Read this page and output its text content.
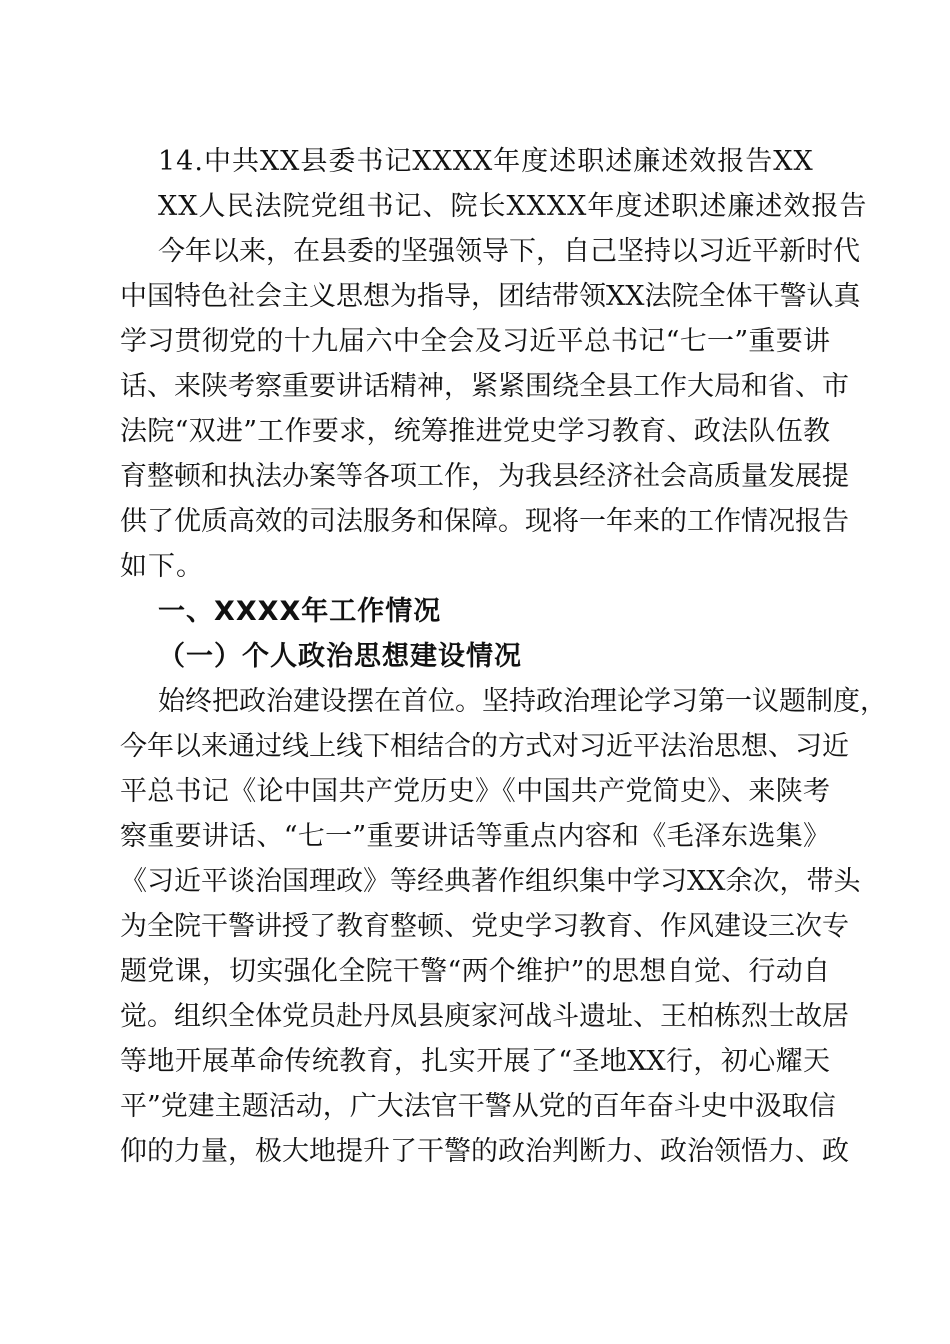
14.中共XX县委书记XXXX年度述职述廉述效报告XX
XX人民法院党组书记、院长XXXX年度述职述廉述效报告
今年以来，在县委的坚强领导下，自己坚持以习近平新时代
中国特色社会主义思想为指导，团结带领XX法院全体干警认真
学习贯彻党的十九届六中全会及习近平总书记“七一”重要讲
话、来陕考察重要讲话精神，紧紧围绕全县工作大局和省、市
法院“双进”工作要求，统筹推进党史学习教育、政法队伍教
育整顿和执法办案等各项工作，为我县经济社会高质量发展提
供了优质高效的司法服务和保障。现将一年来的工作情况报告
如下。
一、XXXX年工作情况
（一）个人政治思想建设情况
始终把政治建设摆在首位。坚持政治理论学习第一议题制度，
今年以来通过线上线下相结合的方式对习近平法治思想、习近
平总书记《论中国共产党历史》《中国共产党简史》、来陕考
察重要讲话、“七一”重要讲话等重点内容和《毛泽东选集》
《习近平谈治国理政》等经典著作组织集中学习XX余次，带头
为全院干警讲授了教育整顿、党史学习教育、作风建设三次专
题党课，切实强化全院干警“两个维护”的思想自觉、行动自
觉。组织全体党员赴丹凤县庾家河战斗遗址、王柏栋烈士故居
等地开展革命传统教育，扎实开展了“圣地XX行，初心耀天
平”党建主题活动，广大法官干警从党的百年奋斗史中汲取信
仰的力量，极大地提升了干警的政治判断力、政治领悟力、政
